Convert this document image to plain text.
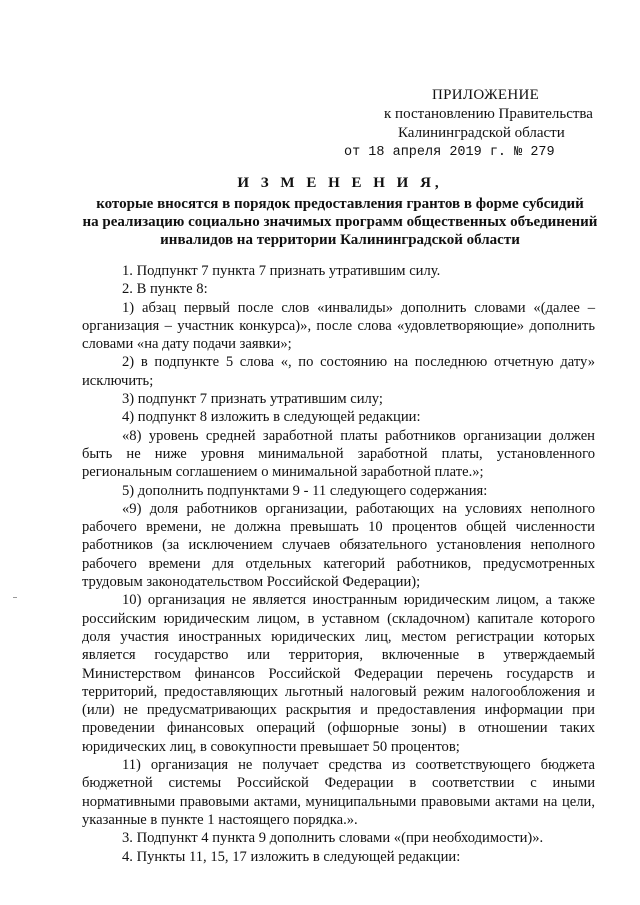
ПРИЛОЖЕНИЕ
к постановлению Правительства
Калининградской области
от 18 апреля 2019 г. № 279
И З М Е Н Е Н И Я,
которые вносятся в порядок предоставления грантов в форме субсидий
на реализацию социально значимых программ общественных объединений
инвалидов на территории Калининградской области

1. Подпункт 7 пункта 7 признать утратившим силу.

2. В пункте 8:

1) абзац первый после слов «инвалиды» дополнить словами «(далее – организация – участник конкурса)», после слова «удовлетворяющие» дополнить словами «на дату подачи заявки»;

2) в подпункте 5 слова «, по состоянию на последнюю отчетную дату» исключить;

3) подпункт 7 признать утратившим силу;

4) подпункт 8 изложить в следующей редакции:

«8) уровень средней заработной платы работников организации должен быть не ниже уровня минимальной заработной платы, установленного региональным соглашением о минимальной заработной плате.»;

5) дополнить подпунктами 9 - 11 следующего содержания:

«9) доля работников организации, работающих на условиях неполного рабочего времени, не должна превышать 10 процентов общей численности работников (за исключением случаев обязательного установления неполного рабочего времени для отдельных категорий работников, предусмотренных трудовым законодательством Российской Федерации);

10) организация не является иностранным юридическим лицом, а также российским юридическим лицом, в уставном (складочном) капитале которого доля участия иностранных юридических лиц, местом регистрации которых является государство или территория, включенные в утверждаемый Министерством финансов Российской Федерации перечень государств и территорий, предоставляющих льготный налоговый режим налогообложения и (или) не предусматривающих раскрытия и предоставления информации при проведении финансовых операций (офшорные зоны) в отношении таких юридических лиц, в совокупности превышает 50 процентов;

11) организация не получает средства из соответствующего бюджета бюджетной системы Российской Федерации в соответствии с иными нормативными правовыми актами, муниципальными правовыми актами на цели, указанные в пункте 1 настоящего порядка.».

3. Подпункт 4 пункта 9 дополнить словами «(при необходимости)».

4. Пункты 11, 15, 17 изложить в следующей редакции:
